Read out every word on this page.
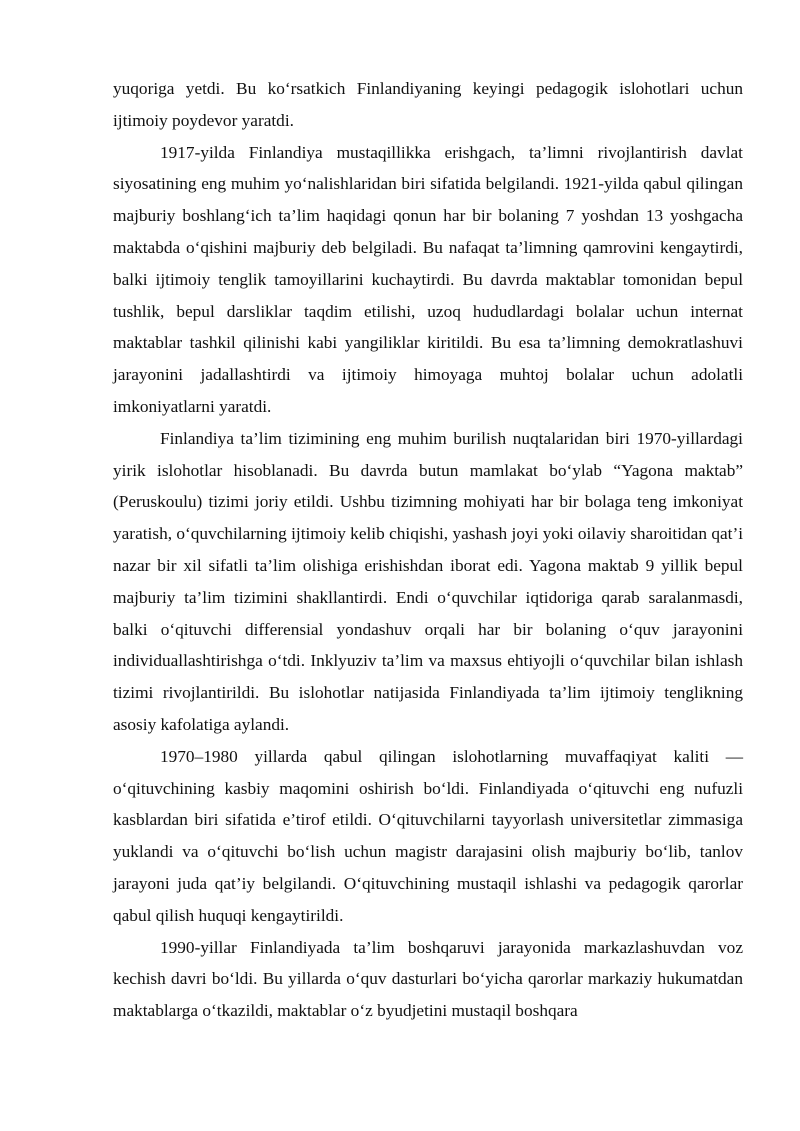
yuqoriga yetdi. Bu ko‘rsatkich Finlandiyaning keyingi pedagogik islohotlari uchun ijtimoiy poydevor yaratdi.

1917-yilda Finlandiya mustaqillikka erishgach, ta’limni rivojlantirish davlat siyosatining eng muhim yo‘nalishlaridan biri sifatida belgilandi. 1921-yilda qabul qilingan majburiy boshlang‘ich ta’lim haqidagi qonun har bir bolaning 7 yoshdan 13 yoshgacha maktabda o‘qishini majburiy deb belgiladi. Bu nafaqat ta’limning qamrovini kengaytirdi, balki ijtimoiy tenglik tamoyillarini kuchaytirdi. Bu davrda maktablar tomonidan bepul tushlik, bepul darsliklar taqdim etilishi, uzoq hududlardagi bolalar uchun internat maktablar tashkil qilinishi kabi yangiliklar kiritildi. Bu esa ta’limning demokratlashuvi jarayonini jadallashtirdi va ijtimoiy himoyaga muhtoj bolalar uchun adolatli imkoniyatlarni yaratdi.

Finlandiya ta’lim tizimining eng muhim burilish nuqtalaridan biri 1970-yillardagi yirik islohotlar hisoblanadi. Bu davrda butun mamlakat bo‘ylab “Yagona maktab” (Peruskoulu) tizimi joriy etildi. Ushbu tizimning mohiyati har bir bolaga teng imkoniyat yaratish, o‘quvchilarning ijtimoiy kelib chiqishi, yashash joyi yoki oilaviy sharoitidan qat’i nazar bir xil sifatli ta’lim olishiga erishishdan iborat edi. Yagona maktab 9 yillik bepul majburiy ta’lim tizimini shakllantirdi. Endi o‘quvchilar iqtidoriga qarab saralanmasdi, balki o‘qituvchi differensial yondashuv orqali har bir bolaning o‘quv jarayonini individuallashtirishga o‘tdi. Inklyuziv ta’lim va maxsus ehtiyojli o‘quvchilar bilan ishlash tizimi rivojlantirildi. Bu islohotlar natijasida Finlandiyada ta’lim ijtimoiy tenglikning asosiy kafolatiga aylandi.

1970–1980 yillarda qabul qilingan islohotlarning muvaffaqiyat kaliti — o‘qituvchining kasbiy maqomini oshirish bo‘ldi. Finlandiyada o‘qituvchi eng nufuzli kasblardan biri sifatida e’tirof etildi. O‘qituvchilarni tayyorlash universitetlar zimmasiga yuklandi va o‘qituvchi bo‘lish uchun magistr darajasini olish majburiy bo‘lib, tanlov jarayoni juda qat’iy belgilandi. O‘qituvchining mustaqil ishlashi va pedagogik qarorlar qabul qilish huquqi kengaytirildi.

1990-yillar Finlandiyada ta’lim boshqaruvi jarayonida markazlashuvdan voz kechish davri bo‘ldi. Bu yillarda o‘quv dasturlari bo‘yicha qarorlar markaziy hukumatdan maktablarga o‘tkazildi, maktablar o‘z byudjetini mustaqil boshqara
